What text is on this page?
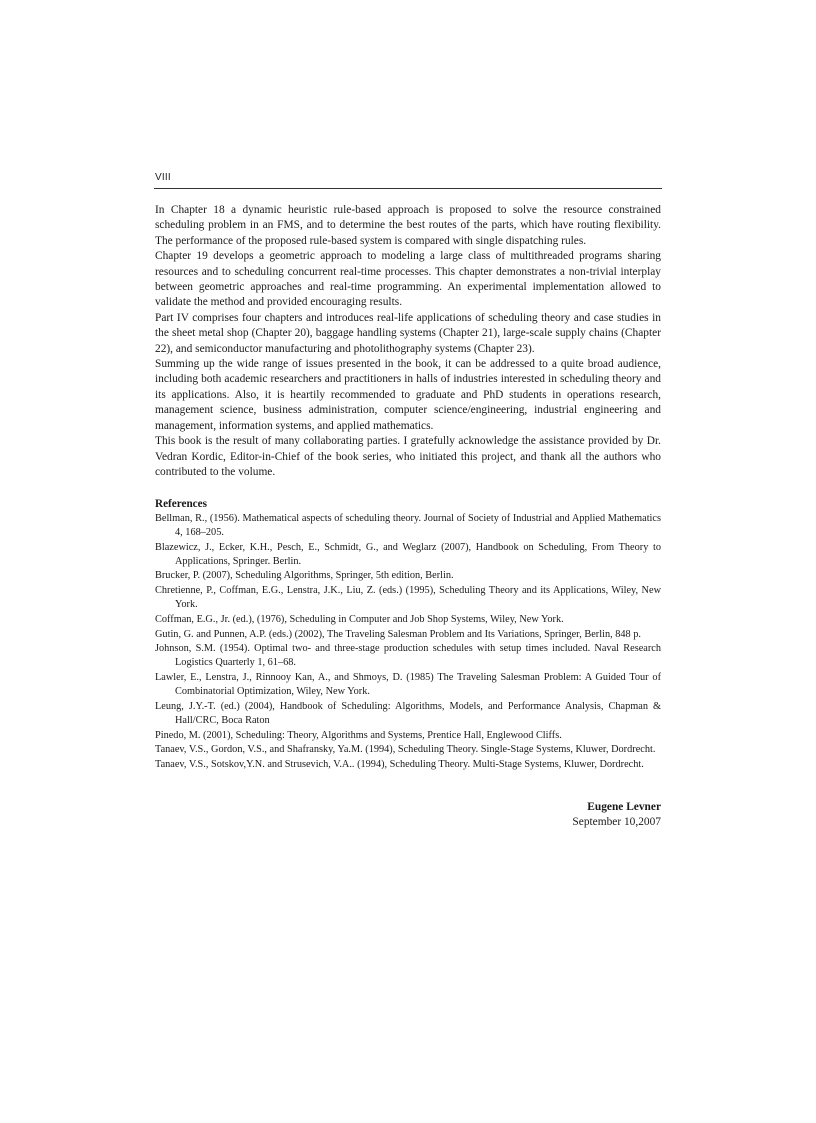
VIII

In Chapter 18 a dynamic heuristic rule-based approach is proposed to solve the resource constrained scheduling problem in an FMS, and to determine the best routes of the parts, which have routing flexibility. The performance of the proposed rule-based system is compared with single dispatching rules.

Chapter 19 develops a geometric approach to modeling a large class of multithreaded programs sharing resources and to scheduling concurrent real-time processes. This chapter demonstrates a non-trivial interplay between geometric approaches and real-time programming. An experimental implementation allowed to validate the method and provided encouraging results.

Part IV comprises four chapters and introduces real-life applications of scheduling theory and case studies in the sheet metal shop (Chapter 20), baggage handling systems (Chapter 21), large-scale supply chains (Chapter 22), and semiconductor manufacturing and photolithography systems (Chapter 23).

Summing up the wide range of issues presented in the book, it can be addressed to a quite broad audience, including both academic researchers and practitioners in halls of industries interested in scheduling theory and its applications. Also, it is heartily recommended to graduate and PhD students in operations research, management science, business administration, computer science/engineering, industrial engineering and management, information systems, and applied mathematics.

This book is the result of many collaborating parties. I gratefully acknowledge the assistance provided by Dr. Vedran Kordic, Editor-in-Chief of the book series, who initiated this project, and thank all the authors who contributed to the volume.

References
Bellman, R., (1956). Mathematical aspects of scheduling theory. Journal of Society of Industrial and Applied Mathematics 4, 168–205.
Blazewicz, J., Ecker, K.H., Pesch, E., Schmidt, G., and Weglarz (2007), Handbook on Scheduling, From Theory to Applications, Springer. Berlin.
Brucker, P. (2007), Scheduling Algorithms, Springer, 5th edition, Berlin.
Chretienne, P., Coffman, E.G., Lenstra, J.K., Liu, Z. (eds.) (1995), Scheduling Theory and its Applications, Wiley, New York.
Coffman, E.G., Jr. (ed.), (1976), Scheduling in Computer and Job Shop Systems, Wiley, New York.
Gutin, G. and Punnen, A.P. (eds.) (2002), The Traveling Salesman Problem and Its Variations, Springer, Berlin, 848 p.
Johnson, S.M. (1954). Optimal two- and three-stage production schedules with setup times included. Naval Research Logistics Quarterly 1, 61–68.
Lawler, E., Lenstra, J., Rinnooy Kan, A., and Shmoys, D. (1985) The Traveling Salesman Problem: A Guided Tour of Combinatorial Optimization, Wiley, New York.
Leung, J.Y.-T. (ed.) (2004), Handbook of Scheduling: Algorithms, Models, and Performance Analysis, Chapman & Hall/CRC, Boca Raton
Pinedo, M. (2001), Scheduling: Theory, Algorithms and Systems, Prentice Hall, Englewood Cliffs.
Tanaev, V.S., Gordon, V.S., and Shafransky, Ya.M. (1994), Scheduling Theory. Single-Stage Systems, Kluwer, Dordrecht.
Tanaev, V.S., Sotskov,Y.N. and Strusevich, V.A.. (1994), Scheduling Theory. Multi-Stage Systems, Kluwer, Dordrecht.
Eugene Levner
September 10,2007
